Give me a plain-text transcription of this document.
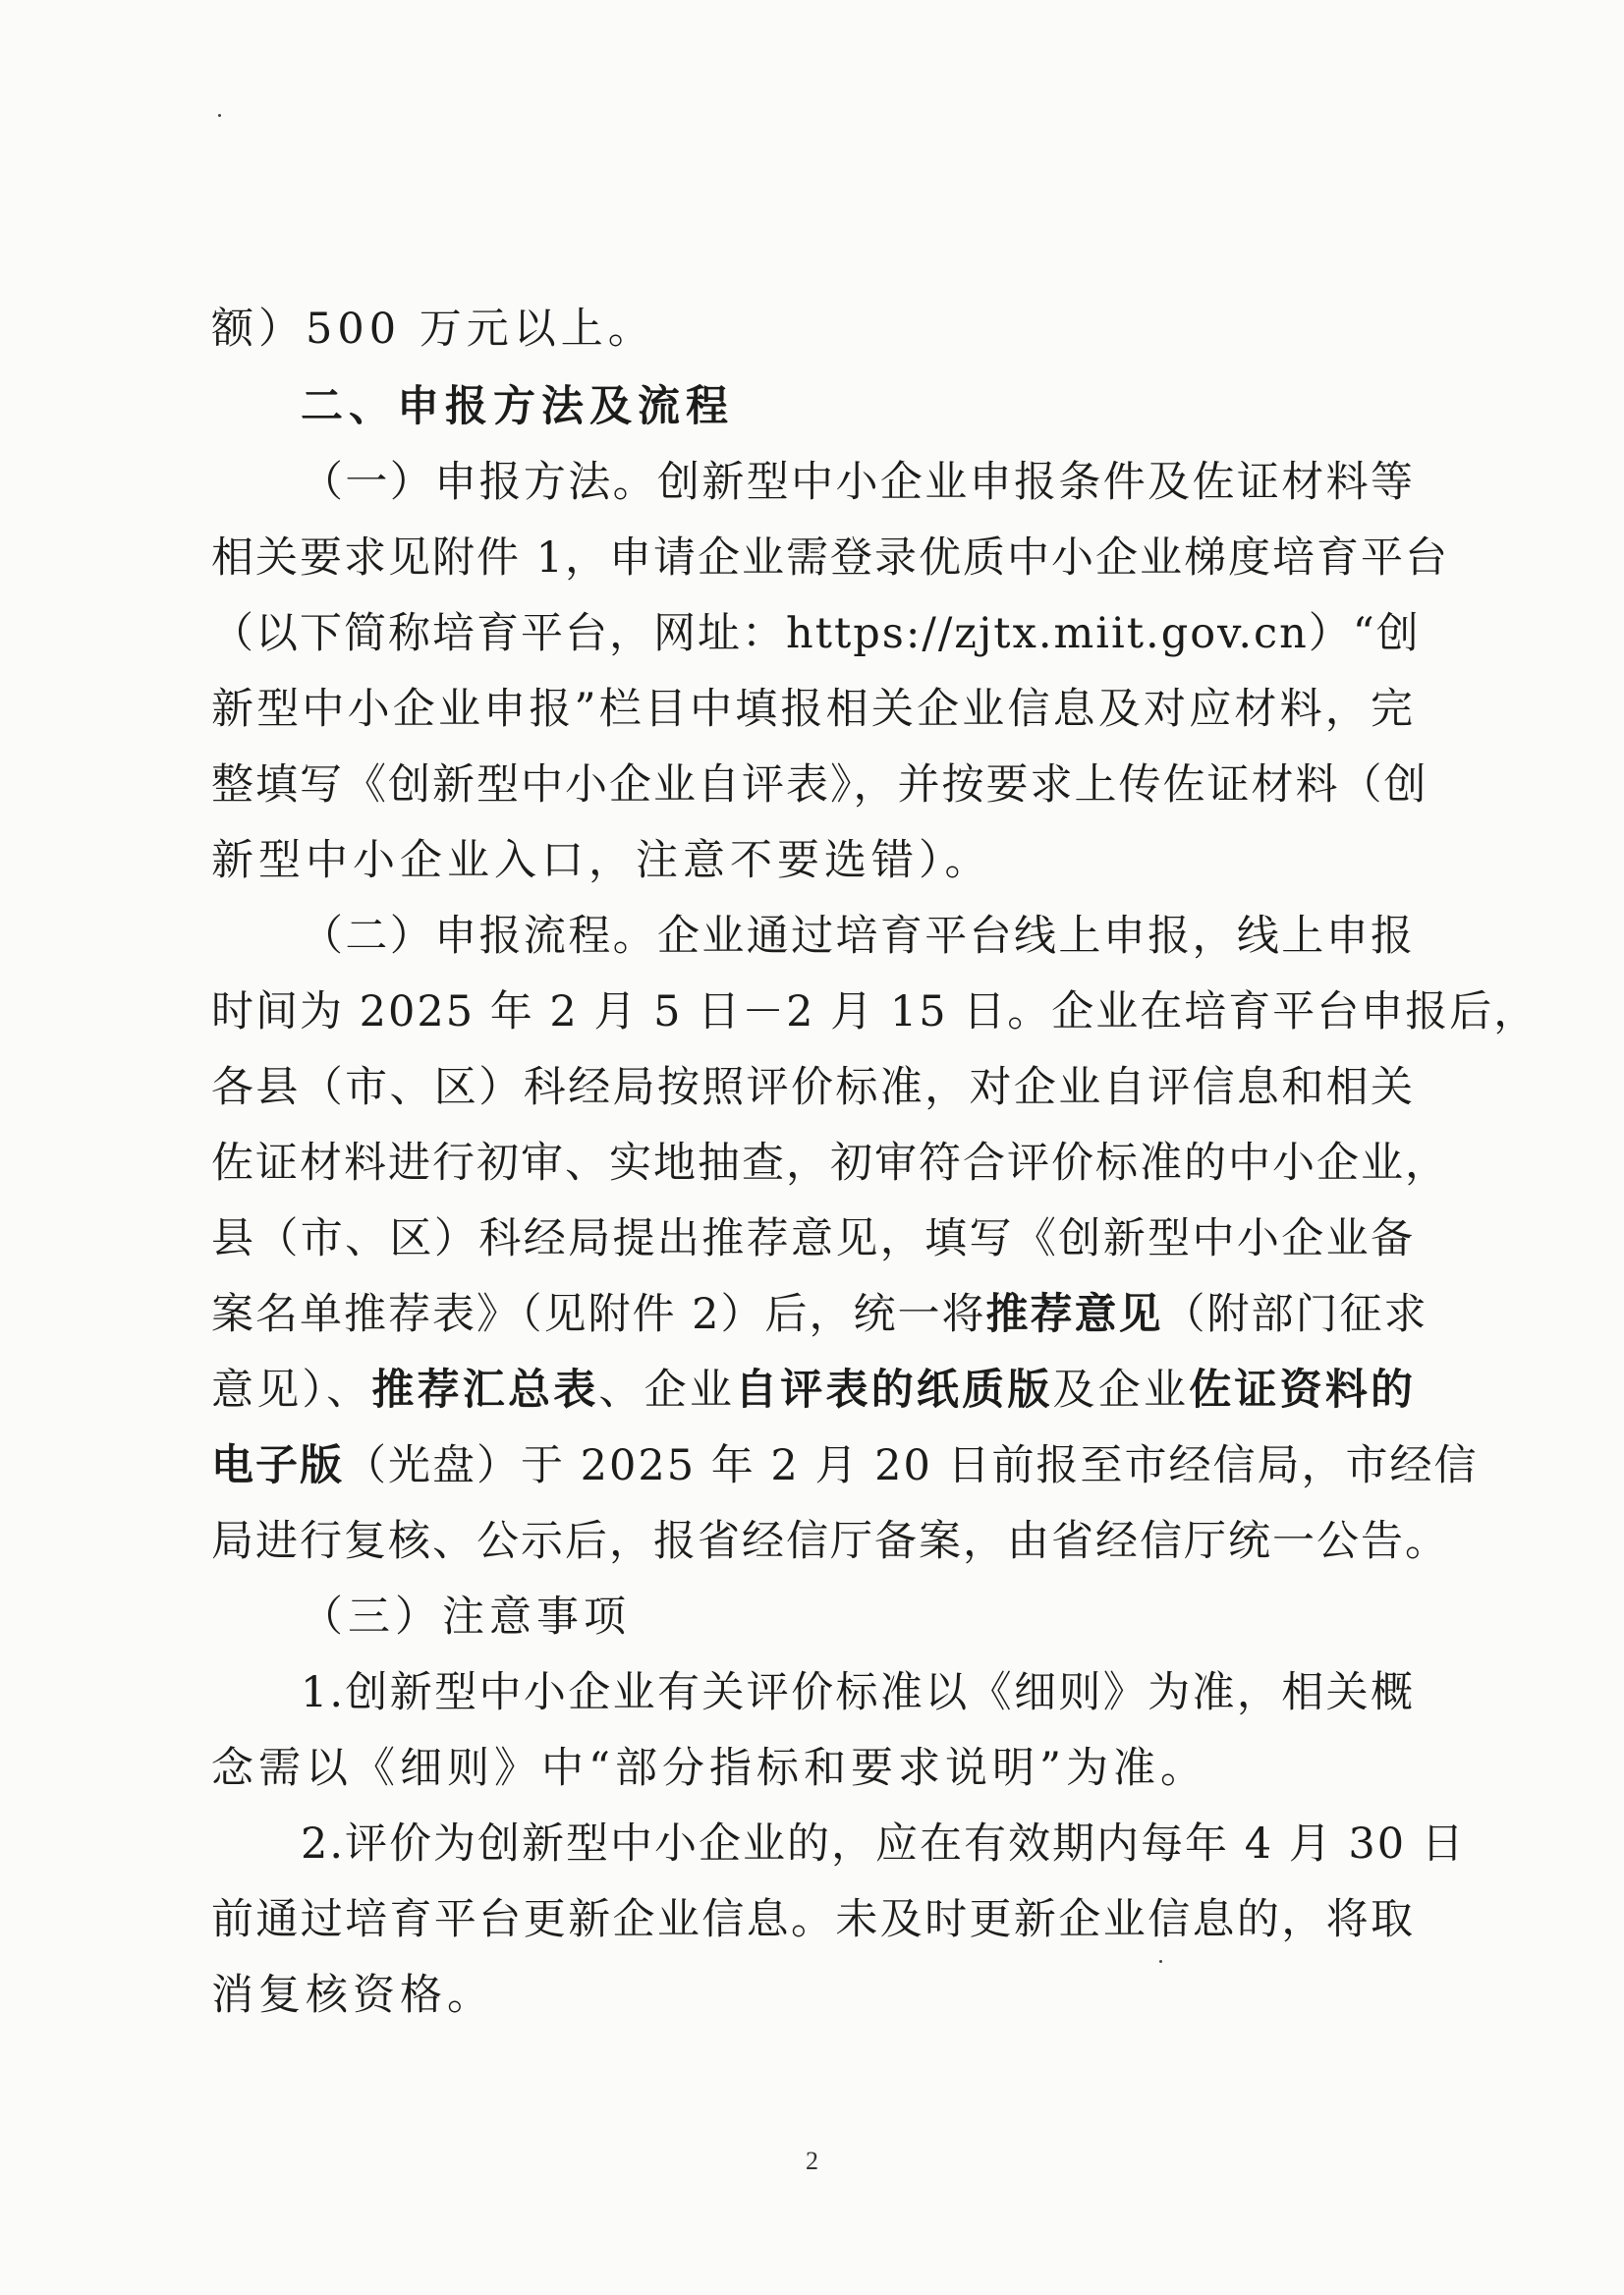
额）500 万元以上。
二、申报方法及流程
（一）申报方法。创新型中小企业申报条件及佐证材料等
相关要求见附件 1，申请企业需登录优质中小企业梯度培育平台
（以下简称培育平台，网址：https://zjtx.miit.gov.cn）“创
新型中小企业申报”栏目中填报相关企业信息及对应材料，完
整填写《创新型中小企业自评表》，并按要求上传佐证材料（创
新型中小企业入口，注意不要选错）。
（二）申报流程。企业通过培育平台线上申报，线上申报
时间为 2025 年 2 月 5 日－2 月 15 日。企业在培育平台申报后，
各县（市、区）科经局按照评价标准，对企业自评信息和相关
佐证材料进行初审、实地抽查，初审符合评价标准的中小企业，
县（市、区）科经局提出推荐意见，填写《创新型中小企业备
案名单推荐表》（见附件 2）后，统一将推荐意见（附部门征求
意见）、推荐汇总表、企业自评表的纸质版及企业佐证资料的
电子版（光盘）于 2025 年 2 月 20 日前报至市经信局，市经信
局进行复核、公示后，报省经信厅备案，由省经信厅统一公告。
（三）注意事项
1.创新型中小企业有关评价标准以《细则》为准，相关概
念需以《细则》中“部分指标和要求说明”为准。
2.评价为创新型中小企业的，应在有效期内每年 4 月 30 日
前通过培育平台更新企业信息。未及时更新企业信息的，将取
消复核资格。
2
